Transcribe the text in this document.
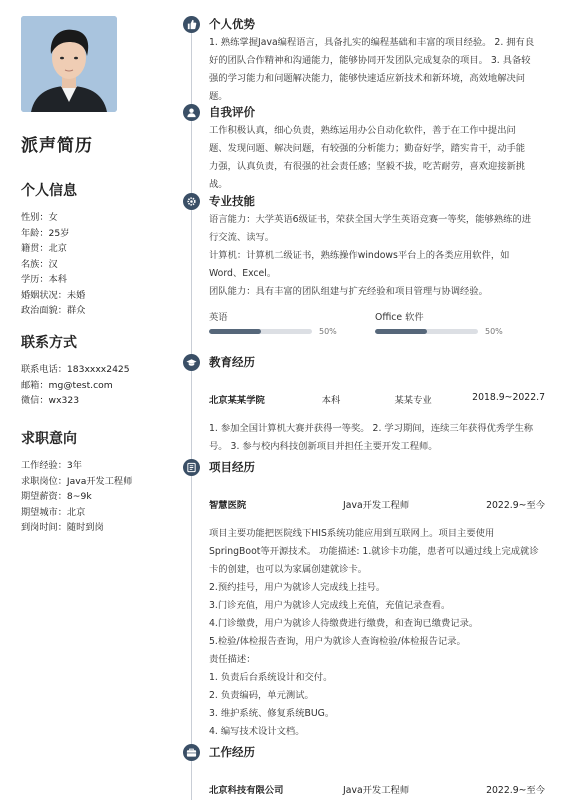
派声简历
个人信息
性别：女
年龄：25岁
籍贯：北京
名族：汉
学历：本科
婚姻状况：未婚
政治面貌：群众
联系方式
联系电话：183xxxx2425
邮箱：mg@test.com
微信：wx323
求职意向
工作经验：3年
求职岗位：Java开发工程师
期望薪资：8~9k
期望城市：北京
到岗时间：随时到岗
个人优势

1. 熟练掌握Java编程语言，具备扎实的编程基础和丰富的项目经验。 2. 拥有良

好的团队合作精神和沟通能力，能够协同开发团队完成复杂的项目。 3. 具备较

强的学习能力和问题解决能力，能够快速适应新技术和新环境，高效地解决问

题。

自我评价

工作积极认真，细心负责，熟练运用办公自动化软件，善于在工作中提出问

题、发现问题、解决问题，有较强的分析能力；勤奋好学，踏实肯干，动手能

力强，认真负责，有很强的社会责任感；坚毅不拔，吃苦耐劳，喜欢迎接新挑

战。

专业技能

语言能力：大学英语6级证书，荣获全国大学生英语竞赛一等奖，能够熟练的进

行交流、读写。

计算机：计算机二级证书，熟练操作windows平台上的各类应用软件，如

Word、Excel。

团队能力：具有丰富的团队组建与扩充经验和项目管理与协调经验。

英语
50%
Office 软件
50%
教育经历
北京某某学院	本科	某某专业	2018.9~2022.7

1. 参加全国计算机大赛并获得一等奖。 2. 学习期间，连续三年获得优秀学生称

号。 3. 参与校内科技创新项目并担任主要开发工程师。

项目经历
智慧医院	Java开发工程师	2022.9~至今

项目主要功能把医院线下HIS系统功能应用到互联网上。项目主要使用

SpringBoot等开源技术。 功能描述: 1.就诊卡功能，患者可以通过线上完成就诊

卡的创建，也可以为家属创建就诊卡。

2.预约挂号，用户为就诊人完成线上挂号。

3.门诊充值，用户为就诊人完成线上充值，充值记录查看。

4.门诊缴费，用户为就诊人待缴费进行缴费，和查询已缴费记录。

5.检验/体检报告查询，用户为就诊人查询检验/体检报告记录。

责任描述：

1. 负责后台系统设计和交付。

2. 负责编码，单元测试。

3. 维护系统、修复系统BUG。

4. 编写技术设计文档。

工作经历
北京科技有限公司	Java开发工程师	2022.9~至今
